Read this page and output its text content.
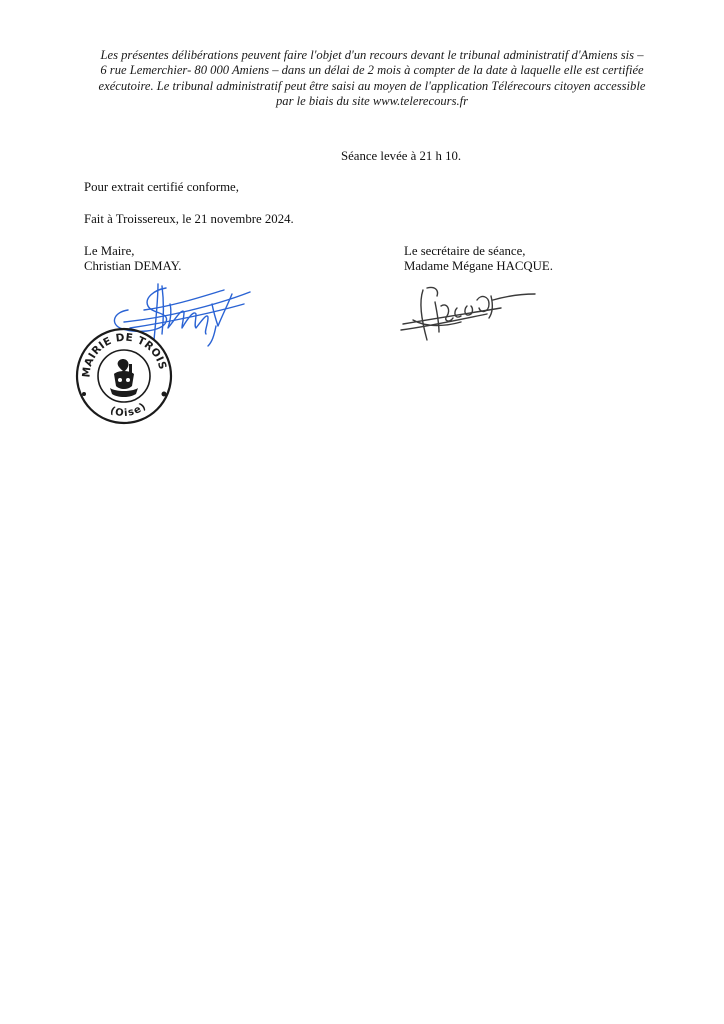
Les présentes délibérations peuvent faire l'objet d'un recours devant le tribunal administratif d'Amiens sis –
6 rue Lemerchier- 80 000 Amiens – dans un délai de 2 mois à compter de la date à laquelle elle est certifiée
exécutoire. Le tribunal administratif peut être saisi au moyen de l'application Télérecours citoyen accessible
par le biais du site www.telerecours.fr
Séance levée à 21 h 10.
Pour extrait certifié conforme,
Fait à Troissereux, le 21 novembre 2024.
Le Maire,
Christian DEMAY.
Le secrétaire de séance,
Madame Mégane HACQUE.
MAIRIE DE TROISSEREUX
(Oise)
